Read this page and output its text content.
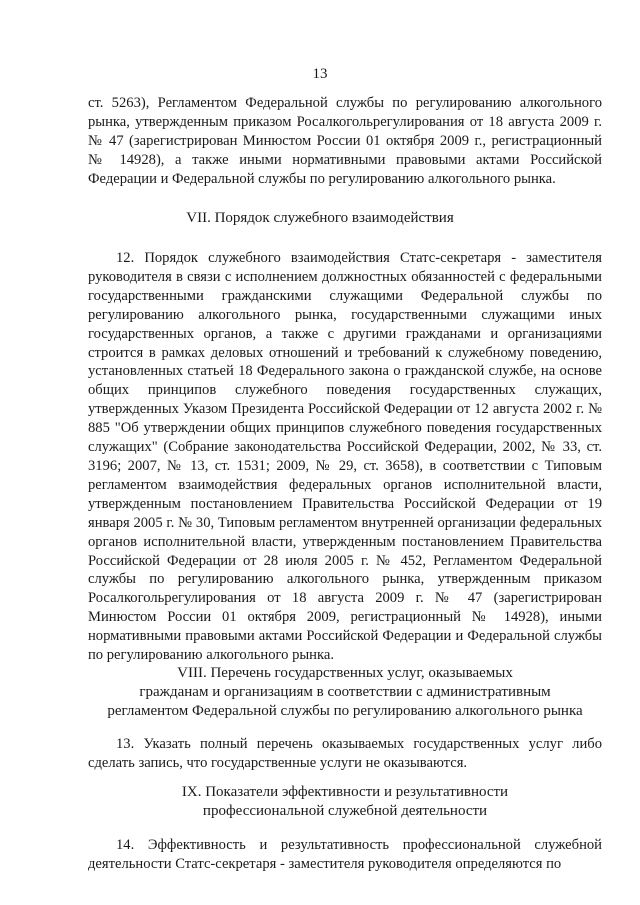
13
ст. 5263), Регламентом Федеральной службы по регулированию алкогольного рынка, утвержденным приказом Росалкогольрегулирования от 18 августа 2009 г. № 47 (зарегистрирован Минюстом России 01 октября 2009 г., регистрационный № 14928), а также иными нормативными правовыми актами Российской Федерации и Федеральной службы по регулированию алкогольного рынка.
VII. Порядок служебного взаимодействия
12. Порядок служебного взаимодействия Статс-секретаря - заместителя руководителя в связи с исполнением должностных обязанностей с федеральными государственными гражданскими служащими Федеральной службы по регулированию алкогольного рынка, государственными служащими иных государственных органов, а также с другими гражданами и организациями строится в рамках деловых отношений и требований к служебному поведению, установленных статьей 18 Федерального закона о гражданской службе, на основе общих принципов служебного поведения государственных служащих, утвержденных Указом Президента Российской Федерации от 12 августа 2002 г. № 885 "Об утверждении общих принципов служебного поведения государственных служащих" (Собрание законодательства Российской Федерации, 2002, № 33, ст. 3196; 2007, № 13, ст. 1531; 2009, № 29, ст. 3658), в соответствии с Типовым регламентом взаимодействия федеральных органов исполнительной власти, утвержденным постановлением Правительства Российской Федерации от 19 января 2005 г. № 30, Типовым регламентом внутренней организации федеральных органов исполнительной власти, утвержденным постановлением Правительства Российской Федерации от 28 июля 2005 г. № 452, Регламентом Федеральной службы по регулированию алкогольного рынка, утвержденным приказом Росалкогольрегулирования от 18 августа 2009 г. № 47 (зарегистрирован Минюстом России 01 октября 2009, регистрационный № 14928), иными нормативными правовыми актами Российской Федерации и Федеральной службы по регулированию алкогольного рынка.
VIII. Перечень государственных услуг, оказываемых
гражданам и организациям в соответствии с административным
регламентом Федеральной службы по регулированию алкогольного рынка
13. Указать полный перечень оказываемых государственных услуг либо сделать запись, что государственные услуги не оказываются.
IX. Показатели эффективности и результативности
профессиональной служебной деятельности
14. Эффективность и результативность профессиональной служебной деятельности Статс-секретаря - заместителя руководителя определяются по
